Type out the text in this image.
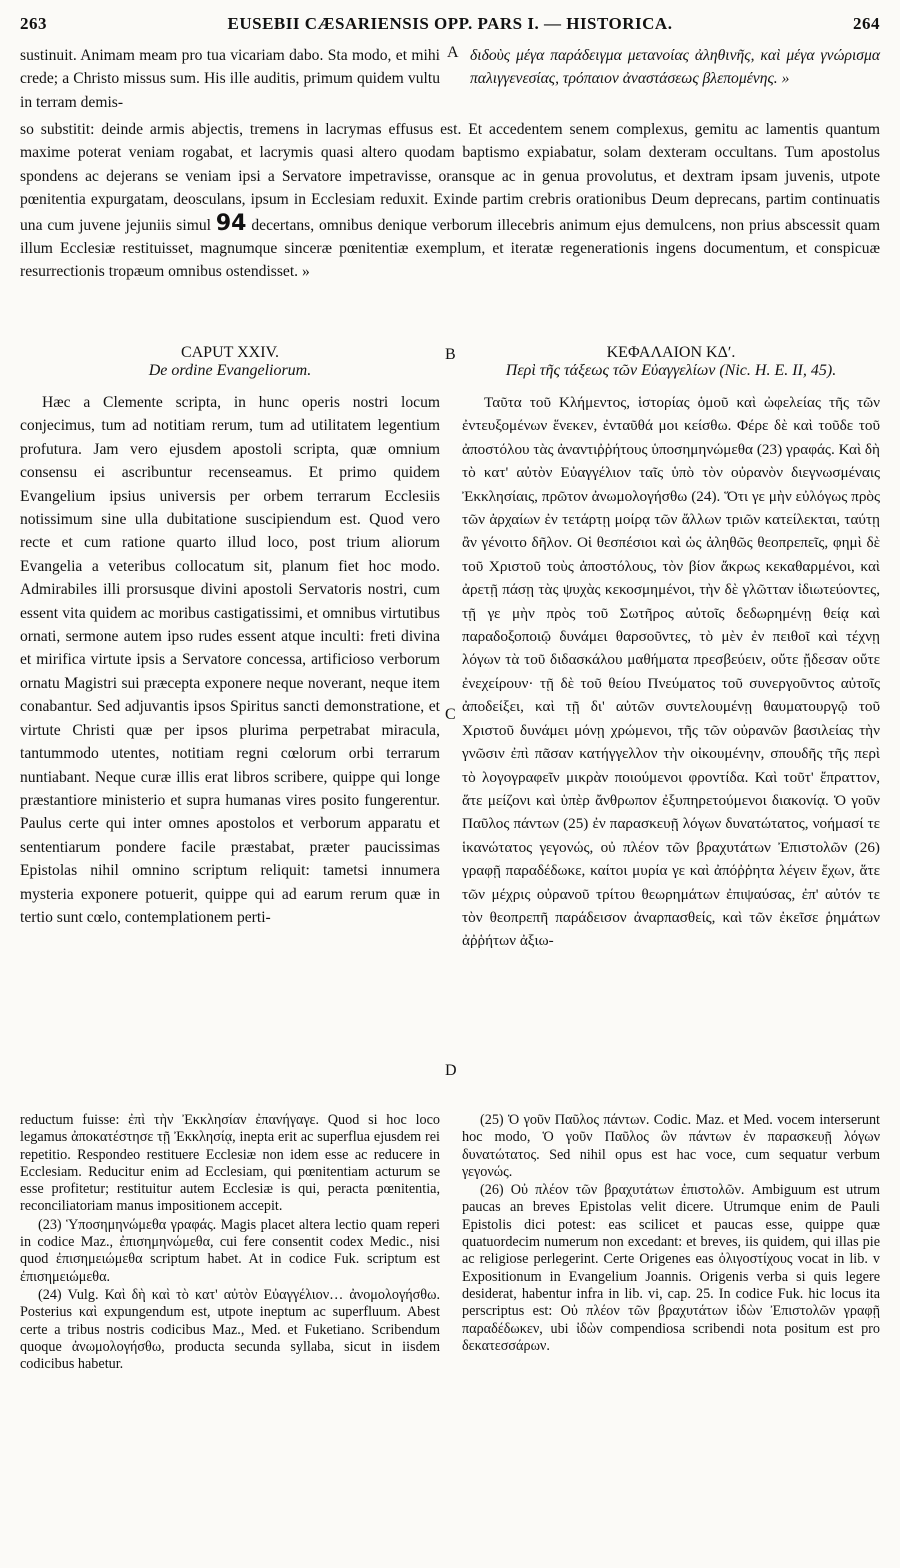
263	EUSEBII CÆSARIENSIS OPP. PARS I. — HISTORICA.	264
sustinuit. Animam meam pro tua vicariam dabo. Sta modo, et mihi crede; a Christo missus sum. His ille auditis, primum quidem vultu in terram demis-
A διδοὺς μέγα παράδειγμα μετανοίας ἀληθινῆς, καὶ μέγα γνώρισμα παλιγγενεσίας, τρόπαιον ἀναστάσεως βλεπομένης. »
so substitit: deinde armis abjectis, tremens in lacrymas effusus est. Et accedentem senem complexus, gemitu ac lamentis quantum maxime poterat veniam rogabat, et lacrymis quasi altero quodam baptismo expiabatur, solam dexteram occultans. Tum apostolus spondens ac dejerans se veniam ipsi a Servatore impetravisse, oransque ac in genua provolutus, et dextram ipsam juvenis, utpote pœnitentia expurgatam, deosculans, ipsum in Ecclesiam reduxit. Exinde partim crebris orationibus Deum deprecans, partim continuatis una cum juvene jejuniis simul 94 decertans, omnibus denique verborum illecebris animum ejus demulcens, non prius abscessit quam illum Ecclesiæ restituisset, magnumque sinceræ pœnitentiæ exemplum, et iteratæ regenerationis ingens documentum, et conspicuæ resurrectionis tropæum omnibus ostendisset. »
CAPUT XXIV.
De ordine Evangeliorum.
B	ΚΕΦΑΛΑΙΟΝ ΚΔʹ.
Περὶ τῆς τάξεως τῶν Εὐαγγελίων (Nic. H. E. II, 45).

Hæc a Clemente scripta, in hunc operis nostri locum conjecimus, tum ad notitiam rerum, tum ad utilitatem legentium profutura. Jam vero ejusdem apostoli scripta, quæ omnium consensu ei ascribuntur recenseamus. Et primo quidem Evangelium ipsius universis per orbem terrarum Ecclesiis notissimum sine ulla dubitatione suscipiendum est. Quod vero recte et cum ratione quarto illud loco, post trium aliorum Evangelia a veteribus collocatum sit, planum fiet hoc modo. Admirabiles illi prorsusque divini apostoli Servatoris nostri, cum essent vita quidem ac moribus castigatissimi, et omnibus virtutibus ornati, sermone autem ipso rudes essent atque inculti: freti divina et mirifica virtute ipsis a Servatore concessa, artificioso verborum ornatu Magistri sui præcepta exponere neque noverant, neque item conabantur. Sed adjuvantis ipsos Spiritus sancti demonstratione, et virtute Christi quæ per ipsos plurima perpetrabat miracula, tantummodo utentes, notitiam regni cœlorum orbi terrarum nuntiabant. Neque curæ illis erat libros scribere, quippe qui longe præstantiore ministerio et supra humanas vires posito fungerentur. Paulus certe qui inter omnes apostolos et verborum apparatu et sententiarum pondere facile præstabat, præter paucissimas Epistolas nihil omnino scriptum reliquit: tametsi innumera mysteria exponere potuerit, quippe qui ad earum rerum quæ in tertio sunt cœlo, contemplationem perti-

C
D

Ταῦτα τοῦ Κλήμεντος, ἱστορίας ὁμοῦ καὶ ὠφελείας τῆς τῶν ἐντευξομένων ἕνεκεν, ἐνταῦθά μοι κείσθω. Φέρε δὲ καὶ τοῦδε τοῦ ἀποστόλου τὰς ἀναντιῤῥήτους ὑποσημηνώμεθα (23) γραφάς. Καὶ δὴ τὸ κατ' αὐτὸν Εὐαγγέλιον ταῖς ὑπὸ τὸν οὐρανὸν διεγνωσμέναις Ἐκκλησίαις, πρῶτον ἀνωμολογήσθω (24). Ὅτι γε μὴν εὐλόγως πρὸς τῶν ἀρχαίων ἐν τετάρτῃ μοίρᾳ τῶν ἄλλων τριῶν κατείλεκται, ταύτῃ ἂν γένοιτο δῆλον. Οἱ θεσπέσιοι καὶ ὡς ἀληθῶς θεοπρεπεῖς, φημὶ δὲ τοῦ Χριστοῦ τοὺς ἀποστόλους, τὸν βίον ἄκρως κεκαθαρμένοι, καὶ ἀρετῇ πάσῃ τὰς ψυχὰς κεκοσμημένοι, τὴν δὲ γλῶτταν ἰδιωτεύοντες, τῇ γε μὴν πρὸς τοῦ Σωτῆρος αὐτοῖς δεδωρημένῃ θείᾳ καὶ παραδοξοποιῷ δυνάμει θαρσοῦντες, τὸ μὲν ἐν πειθοῖ καὶ τέχνῃ λόγων τὰ τοῦ διδασκάλου μαθήματα πρεσβεύειν, οὔτε ᾔδεσαν οὔτε ἐνεχείρουν· τῇ δὲ τοῦ θείου Πνεύματος τοῦ συνεργοῦντος αὐτοῖς ἀποδείξει, καὶ τῇ δι' αὐτῶν συντελουμένῃ θαυματουργῷ τοῦ Χριστοῦ δυνάμει μόνῃ χρώμενοι, τῆς τῶν οὐρανῶν βασιλείας τὴν γνῶσιν ἐπὶ πᾶσαν κατήγγελλον τὴν οἰκουμένην, σπουδῆς τῆς περὶ τὸ λογογραφεῖν μικρὰν ποιούμενοι φροντίδα. Καὶ τοῦτ' ἔπραττον, ἅτε μείζονι καὶ ὑπὲρ ἄνθρωπον ἐξυπηρετούμενοι διακονίᾳ. Ὁ γοῦν Παῦλος πάντων (25) ἐν παρασκευῇ λόγων δυνατώτατος, νοήμασί τε ἱκανώτατος γεγονώς, οὐ πλέον τῶν βραχυτάτων Ἐπιστολῶν (26) γραφῇ παραδέδωκε, καίτοι μυρία γε καὶ ἀπόῤῥητα λέγειν ἔχων, ἅτε τῶν μέχρις οὐρανοῦ τρίτου θεωρημάτων ἐπιψαύσας, ἐπ' αὐτόν τε τὸν θεοπρεπῆ παράδεισον ἀναρπασθείς, καὶ τῶν ἐκεῖσε ῥημάτων ἀῤῥήτων ἀξιω-

reductum fuisse: ἐπὶ τὴν Ἐκκλησίαν ἐπανήγαγε. Quod si hoc loco legamus ἀποκατέστησε τῇ Ἐκκλησίᾳ, inepta erit ac superflua ejusdem rei repetitio. Respondeo restituere Ecclesiæ non idem esse ac reducere in Ecclesiam. Reducitur enim ad Ecclesiam, qui pœnitentiam acturum se esse profitetur; restituitur autem Ecclesiæ is qui, peracta pœnitentia, reconciliatoriam manus impositionem accepit.

(23) Ὑποσημηνώμεθα γραφάς. Magis placet altera lectio quam reperi in codice Maz., ἐπισημηνώμεθα, cui fere consentit codex Medic., nisi quod ἐπισημειώμεθα scriptum habet. At in codice Fuk. scriptum est ἐπισημειώμεθα.

(24) Vulg. Καὶ δὴ καὶ τὸ κατ' αὐτὸν Εὐαγγέλιον… ἀνομολογήσθω. Posterius καὶ expungendum est, utpote ineptum ac superfluum. Abest certe a tribus nostris codicibus Maz., Med. et Fuketiano. Scribendum quoque ἀνωμολογήσθω, producta secunda syllaba, sicut in iisdem codicibus habetur.

(25) Ὁ γοῦν Παῦλος πάντων. Codic. Maz. et Med. vocem interserunt hoc modo, Ὁ γοῦν Παῦλος ὢν πάντων ἐν παρασκευῇ λόγων δυνατώτατος. Sed nihil opus est hac voce, cum sequatur verbum γεγονώς.

(26) Οὐ πλέον τῶν βραχυτάτων ἐπιστολῶν. Ambiguum est utrum paucas an breves Epistolas velit dicere. Utrumque enim de Pauli Epistolis dici potest: eas scilicet et paucas esse, quippe quæ quatuordecim numerum non excedant: et breves, iis quidem, qui illas pie ac religiose perlegerint. Certe Origenes eas ὀλιγοστίχους vocat in lib. v Expositionum in Evangelium Joannis. Origenis verba si quis legere desiderat, habentur infra in lib. vi, cap. 25. In codice Fuk. hic locus ita perscriptus est: Οὐ πλέον τῶν βραχυτάτων ἰδὼν Ἐπιστολῶν γραφῇ παραδέδωκεν, ubi ἰδὼν compendiosa scribendi nota positum est pro δεκατεσσάρων.
